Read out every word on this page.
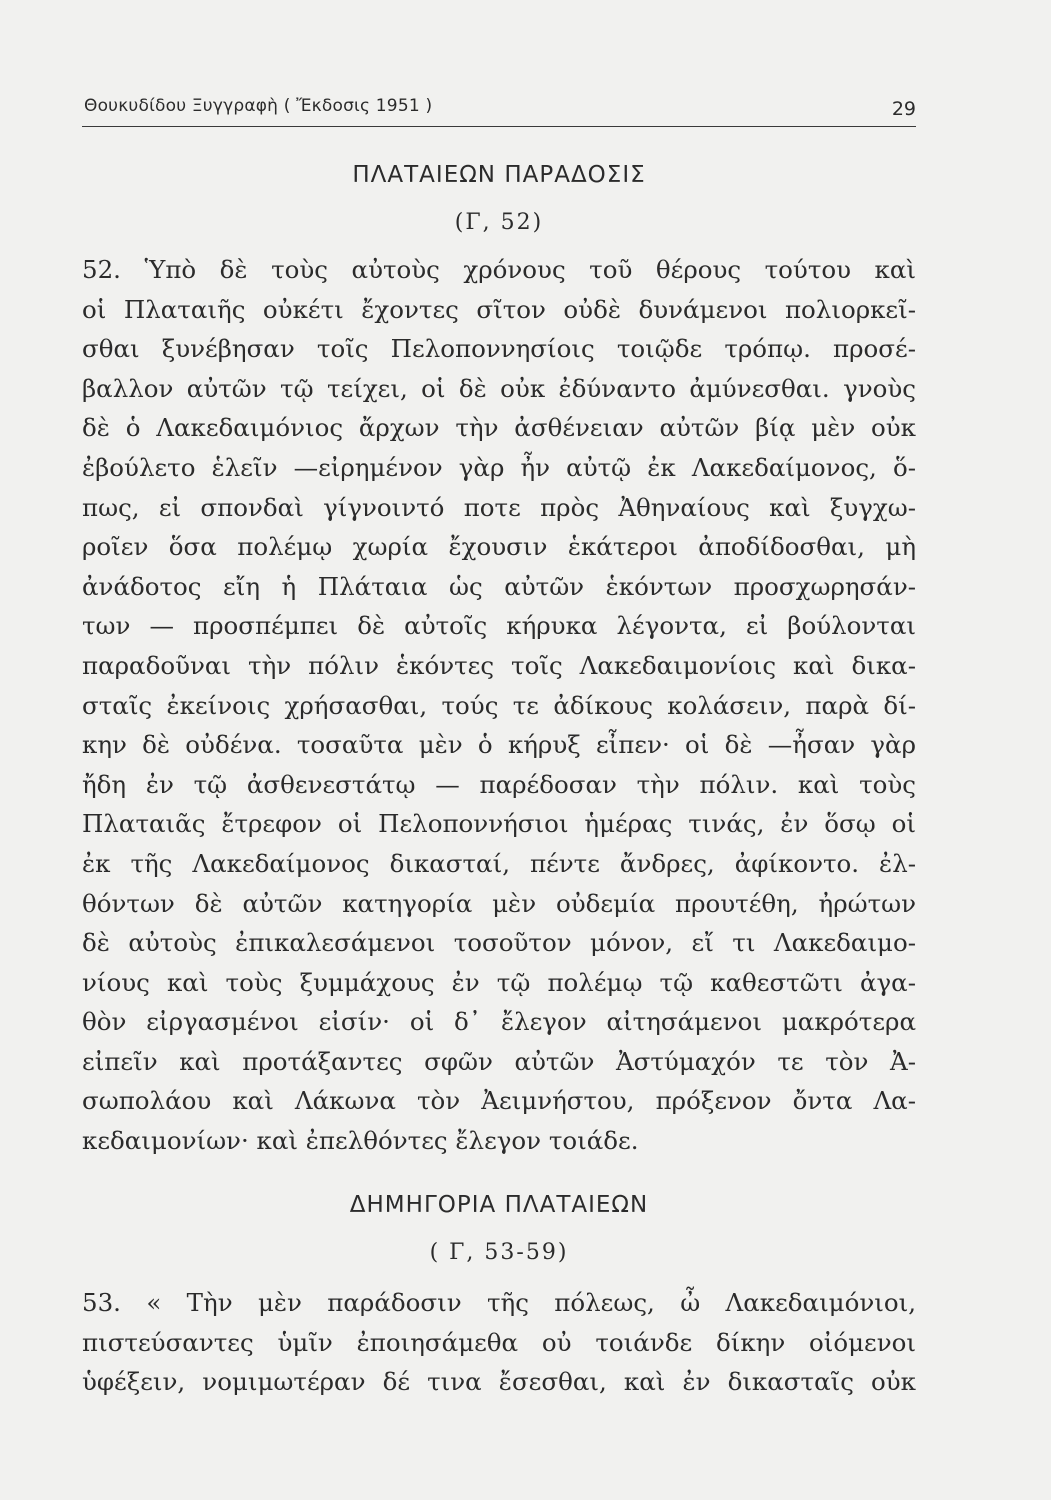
Θουκυδίδου Ξυγγραφὴ ( Ἔκδοσις 1951 )	29
ΠΛΑΤΑΙΕΩΝ ΠΑΡΑΔΟΣΙΣ
(Γ, 52)
52. Ὑπὸ δὲ τοὺς αὐτοὺς χρόνους τοῦ θέρους τούτου καὶ
οἱ Πλαταιῆς οὐκέτι ἔχοντες σῖτον οὐδὲ δυνάμενοι πολιορκεῖ-
σθαι ξυνέβησαν τοῖς Πελοποννησίοις τοιῷδε τρόπῳ. προσέ-
βαλλον αὐτῶν τῷ τείχει, οἱ δὲ οὐκ ἐδύναντο ἀμύνεσθαι. γνοὺς
δὲ ὁ Λακεδαιμόνιος ἄρχων τὴν ἀσθένειαν αὐτῶν βίᾳ μὲν οὐκ
ἐβούλετο ἑλεῖν —εἰρημένον γὰρ ἦν αὐτῷ ἐκ Λακεδαίμονος, ὅ-
πως, εἰ σπονδαὶ γίγνοιντό ποτε πρὸς Ἀθηναίους καὶ ξυγχω-
ροῖεν ὅσα πολέμῳ χωρία ἔχουσιν ἑκάτεροι ἀποδίδοσθαι, μὴ
ἀνάδοτος εἴη ἡ Πλάταια ὡς αὐτῶν ἑκόντων προσχωρησάν-
των — προσπέμπει δὲ αὐτοῖς κήρυκα λέγοντα, εἰ βούλονται
παραδοῦναι τὴν πόλιν ἑκόντες τοῖς Λακεδαιμονίοις καὶ δικα-
σταῖς ἐκείνοις χρήσασθαι, τούς τε ἀδίκους κολάσειν, παρὰ δί-
κην δὲ οὐδένα. τοσαῦτα μὲν ὁ κήρυξ εἶπεν· οἱ δὲ —ἦσαν γὰρ
ἤδη ἐν τῷ ἀσθενεστάτῳ — παρέδοσαν τὴν πόλιν. καὶ τοὺς
Πλαταιᾶς ἔτρεφον οἱ Πελοποννήσιοι ἡμέρας τινάς, ἐν ὅσῳ οἱ
ἐκ τῆς Λακεδαίμονος δικασταί, πέντε ἄνδρες, ἀφίκοντο. ἐλ-
θόντων δὲ αὐτῶν κατηγορία μὲν οὐδεμία προυτέθη, ἠρώτων
δὲ αὐτοὺς ἐπικαλεσάμενοι τοσοῦτον μόνον, εἴ τι Λακεδαιμο-
νίους καὶ τοὺς ξυμμάχους ἐν τῷ πολέμῳ τῷ καθεστῶτι ἀγα-
θὸν εἰργασμένοι εἰσίν· οἱ δ᾽ ἔλεγον αἰτησάμενοι μακρότερα
εἰπεῖν καὶ προτάξαντες σφῶν αὐτῶν Ἀστύμαχόν τε τὸν Ἀ-
σωπολάου καὶ Λάκωνα τὸν Ἀειμνήστου, πρόξενον ὄντα Λα-
κεδαιμονίων· καὶ ἐπελθόντες ἔλεγον τοιάδε.
ΔΗΜΗΓΟΡΙΑ ΠΛΑΤΑΙΕΩΝ
( Γ, 53-59)
53. « Τὴν μὲν παράδοσιν τῆς πόλεως, ὦ Λακεδαιμόνιοι,
πιστεύσαντες ὑμῖν ἐποιησάμεθα οὐ τοιάνδε δίκην οἰόμενοι
ὑφέξειν, νομιμωτέραν δέ τινα ἔσεσθαι, καὶ ἐν δικασταῖς οὐκ
